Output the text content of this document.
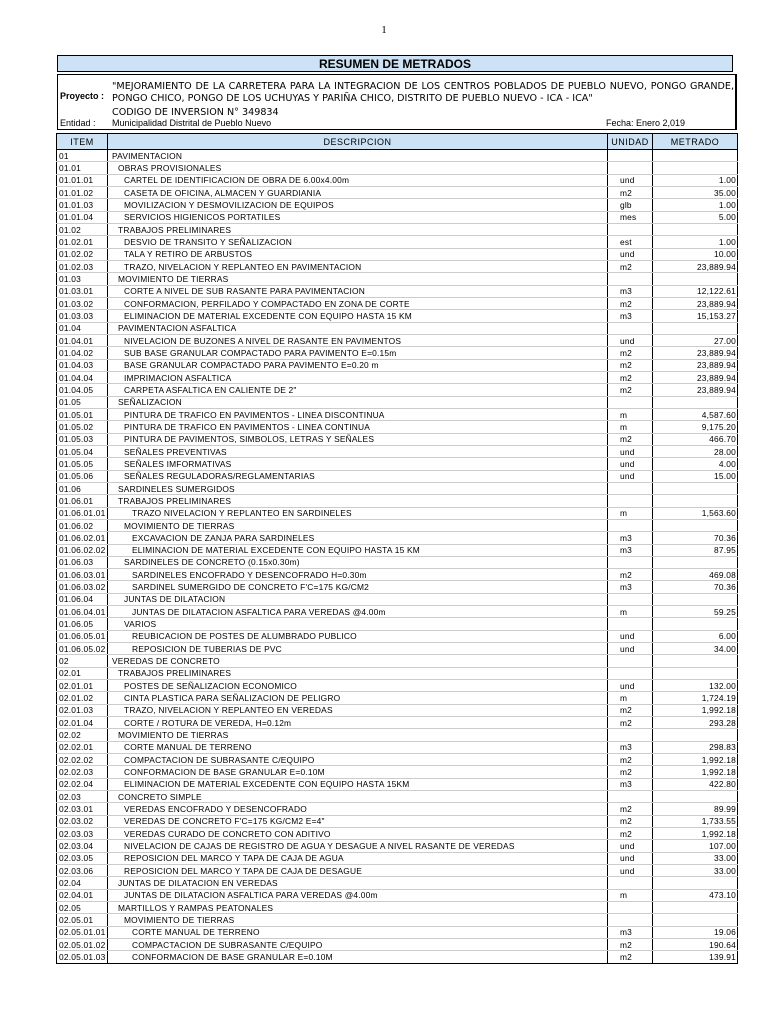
1
RESUMEN DE METRADOS
Proyecto :
"MEJORAMIENTO DE LA CARRETERA PARA LA INTEGRACION DE LOS CENTROS POBLADOS DE PUEBLO NUEVO, PONGO GRANDE, PONGO CHICO, PONGO DE LOS UCHUYAS Y PARIÑA CHICO, DISTRITO DE PUEBLO NUEVO - ICA - ICA"
CODIGO DE INVERSION N° 349834
Entidad : Municipalidad Distrital de Pueblo Nuevo	Fecha: Enero 2,019
ITEM	DESCRIPCION	UNIDAD	METRADO
01	PAVIMENTACION		
01.01	OBRAS PROVISIONALES		
01.01.01	CARTEL DE IDENTIFICACION DE OBRA DE 6.00x4.00m	und	1.00
01.01.02	CASETA DE OFICINA, ALMACEN Y GUARDIANIA	m2	35.00
01.01.03	MOVILIZACION Y DESMOVILIZACION DE EQUIPOS	glb	1.00
01.01.04	SERVICIOS HIGIENICOS PORTATILES	mes	5.00
01.02	TRABAJOS PRELIMINARES		
01.02.01	DESVIO DE TRANSITO Y SEÑALIZACION	est	1.00
01.02.02	TALA Y RETIRO DE ARBUSTOS	und	10.00
01.02.03	TRAZO, NIVELACION Y REPLANTEO EN PAVIMENTACION	m2	23,889.94
01.03	MOVIMIENTO DE TIERRAS		
01.03.01	CORTE A NIVEL DE SUB RASANTE PARA PAVIMENTACION	m3	12,122.61
01.03.02	CONFORMACION, PERFILADO Y COMPACTADO EN ZONA DE CORTE	m2	23,889.94
01.03.03	ELIMINACION DE MATERIAL EXCEDENTE CON EQUIPO HASTA 15 KM	m3	15,153.27
01.04	PAVIMENTACION ASFALTICA		
01.04.01	NIVELACION DE BUZONES A NIVEL DE RASANTE EN PAVIMENTOS	und	27.00
01.04.02	SUB BASE GRANULAR COMPACTADO PARA PAVIMENTO E=0.15m	m2	23,889.94
01.04.03	BASE GRANULAR COMPACTADO PARA PAVIMENTO E=0.20 m	m2	23,889.94
01.04.04	IMPRIMACION ASFALTICA	m2	23,889.94
01.04.05	CARPETA ASFALTICA EN CALIENTE DE 2"	m2	23,889.94
01.05	SEÑALIZACION		
01.05.01	PINTURA DE TRAFICO EN PAVIMENTOS - LINEA DISCONTINUA	m	4,587.60
01.05.02	PINTURA DE TRAFICO EN PAVIMENTOS - LINEA CONTINUA	m	9,175.20
01.05.03	PINTURA DE PAVIMENTOS, SIMBOLOS, LETRAS Y SEÑALES	m2	466.70
01.05.04	SEÑALES PREVENTIVAS	und	28.00
01.05.05	SEÑALES IMFORMATIVAS	und	4.00
01.05.06	SEÑALES REGULADORAS/REGLAMENTARIAS	und	15.00
01.06	SARDINELES SUMERGIDOS		
01.06.01	TRABAJOS PRELIMINARES		
01.06.01.01	TRAZO NIVELACION Y REPLANTEO EN SARDINELES	m	1,563.60
01.06.02	MOVIMIENTO DE TIERRAS		
01.06.02.01	EXCAVACION DE ZANJA PARA SARDINELES	m3	70.36
01.06.02.02	ELIMINACION DE MATERIAL EXCEDENTE CON EQUIPO HASTA 15 KM	m3	87.95
01.06.03	SARDINELES DE CONCRETO (0.15x0.30m)		
01.06.03.01	SARDINELES ENCOFRADO Y DESENCOFRADO H=0.30m	m2	469.08
01.06.03.02	SARDINEL SUMERGIDO DE CONCRETO F'C=175 KG/CM2	m3	70.36
01.06.04	JUNTAS DE DILATACION		
01.06.04.01	JUNTAS DE DILATACION ASFALTICA PARA VEREDAS @4.00m	m	59.25
01.06.05	VARIOS		
01.06.05.01	REUBICACION DE POSTES DE ALUMBRADO PUBLICO	und	6.00
01.06.05.02	REPOSICION DE TUBERIAS DE PVC	und	34.00
02	VEREDAS DE CONCRETO		
02.01	TRABAJOS PRELIMINARES		
02.01.01	POSTES DE SEÑALIZACION ECONOMICO	und	132.00
02.01.02	CINTA PLASTICA PARA SEÑALIZACION DE PELIGRO	m	1,724.19
02.01.03	TRAZO, NIVELACION Y REPLANTEO EN VEREDAS	m2	1,992.18
02.01.04	CORTE / ROTURA DE VEREDA, H=0.12m	m2	293.28
02.02	MOVIMIENTO DE TIERRAS		
02.02.01	CORTE MANUAL DE TERRENO	m3	298.83
02.02.02	COMPACTACION DE SUBRASANTE C/EQUIPO	m2	1,992.18
02.02.03	CONFORMACION DE BASE GRANULAR E=0.10M	m2	1,992.18
02.02.04	ELIMINACION DE MATERIAL EXCEDENTE CON EQUIPO HASTA 15KM	m3	422.80
02.03	CONCRETO SIMPLE		
02.03.01	VEREDAS ENCOFRADO Y DESENCOFRADO	m2	89.99
02.03.02	VEREDAS DE CONCRETO F'C=175 KG/CM2 E=4"	m2	1,733.55
02.03.03	VEREDAS CURADO DE CONCRETO CON ADITIVO	m2	1,992.18
02.03.04	NIVELACION DE CAJAS DE REGISTRO DE AGUA Y DESAGUE A NIVEL RASANTE DE VEREDAS	und	107.00
02.03.05	REPOSICION DEL MARCO Y TAPA DE CAJA DE AGUA	und	33.00
02.03.06	REPOSICION DEL MARCO Y TAPA DE CAJA DE DESAGUE	und	33.00
02.04	JUNTAS DE DILATACION EN VEREDAS		
02.04.01	JUNTAS DE DILATACION ASFALTICA PARA VEREDAS @4.00m	m	473.10
02.05	MARTILLOS Y RAMPAS PEATONALES		
02.05.01	MOVIMIENTO DE TIERRAS		
02.05.01.01	CORTE MANUAL DE TERRENO	m3	19.06
02.05.01.02	COMPACTACION DE SUBRASANTE C/EQUIPO	m2	190.64
02.05.01.03	CONFORMACION DE BASE GRANULAR E=0.10M	m2	139.91
